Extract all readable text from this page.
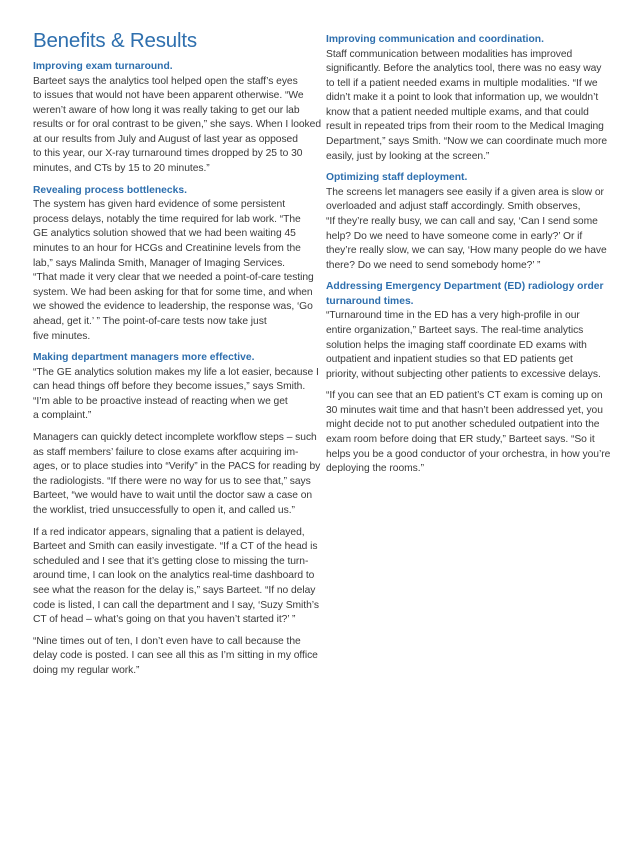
Benefits & Results
Improving exam turnaround.

Barteet says the analytics tool helped open the staff’s eyes
to issues that would not have been apparent otherwise. “We
weren’t aware of how long it was really taking to get our lab
results or for oral contrast to be given,” she says. When I looked
at our results from July and August of last year as opposed
to this year, our X-ray turnaround times dropped by 25 to 30
minutes, and CTs by 15 to 20 minutes.”

Revealing process bottlenecks.

The system has given hard evidence of some persistent
process delays, notably the time required for lab work. “The
GE analytics solution showed that we had been waiting 45
minutes to an hour for HCGs and Creatinine levels from the
lab,” says Malinda Smith, Manager of Imaging Services.
“That made it very clear that we needed a point-of-care testing
system. We had been asking for that for some time, and when
we showed the evidence to leadership, the response was, ‘Go
ahead, get it.’ ” The point-of-care tests now take just
five minutes.

Making department managers more effective.

“The GE analytics solution makes my life a lot easier, because I
can head things off before they become issues,” says Smith.
“I’m able to be proactive instead of reacting when we get
a complaint.”

Managers can quickly detect incomplete workflow steps – such
as staff members’ failure to close exams after acquiring im-
ages, or to place studies into “Verify” in the PACS for reading by
the radiologists. “If there were no way for us to see that,” says
Barteet, “we would have to wait until the doctor saw a case on
the worklist, tried unsuccessfully to open it, and called us.”

If a red indicator appears, signaling that a patient is delayed,
Barteet and Smith can easily investigate. “If a CT of the head is
scheduled and I see that it’s getting close to missing the turn-
around time, I can look on the analytics real-time dashboard to
see what the reason for the delay is,” says Barteet. “If no delay
code is listed, I can call the department and I say, ‘Suzy Smith’s
CT of head – what’s going on that you haven’t started it?’ ”

“Nine times out of ten, I don’t even have to call because the
delay code is posted. I can see all this as I’m sitting in my office
doing my regular work.”

Improving communication and coordination.

Staff communication between modalities has improved
significantly. Before the analytics tool, there was no easy way
to tell if a patient needed exams in multiple modalities. “If we
didn’t make it a point to look that information up, we wouldn’t
know that a patient needed multiple exams, and that could
result in repeated trips from their room to the Medical Imaging
Department,” says Smith. “Now we can coordinate much more
easily, just by looking at the screen.”

Optimizing staff deployment.

The screens let managers see easily if a given area is slow or
overloaded and adjust staff accordingly. Smith observes,
“If they’re really busy, we can call and say, ‘Can I send some
help? Do we need to have someone come in early?’ Or if
they’re really slow, we can say, ‘How many people do we have
there? Do we need to send somebody home?’ ”

Addressing Emergency Department (ED) radiology order
turnaround times.

“Turnaround time in the ED has a very high-profile in our
entire organization,” Barteet says. The real-time analytics
solution helps the imaging staff coordinate ED exams with
outpatient and inpatient studies so that ED patients get
priority, without subjecting other patients to excessive delays.

“If you can see that an ED patient’s CT exam is coming up on
30 minutes wait time and that hasn’t been addressed yet, you
might decide not to put another scheduled outpatient into the
exam room before doing that ER study,” Barteet says. “So it
helps you be a good conductor of your orchestra, in how you’re
deploying the rooms.”
